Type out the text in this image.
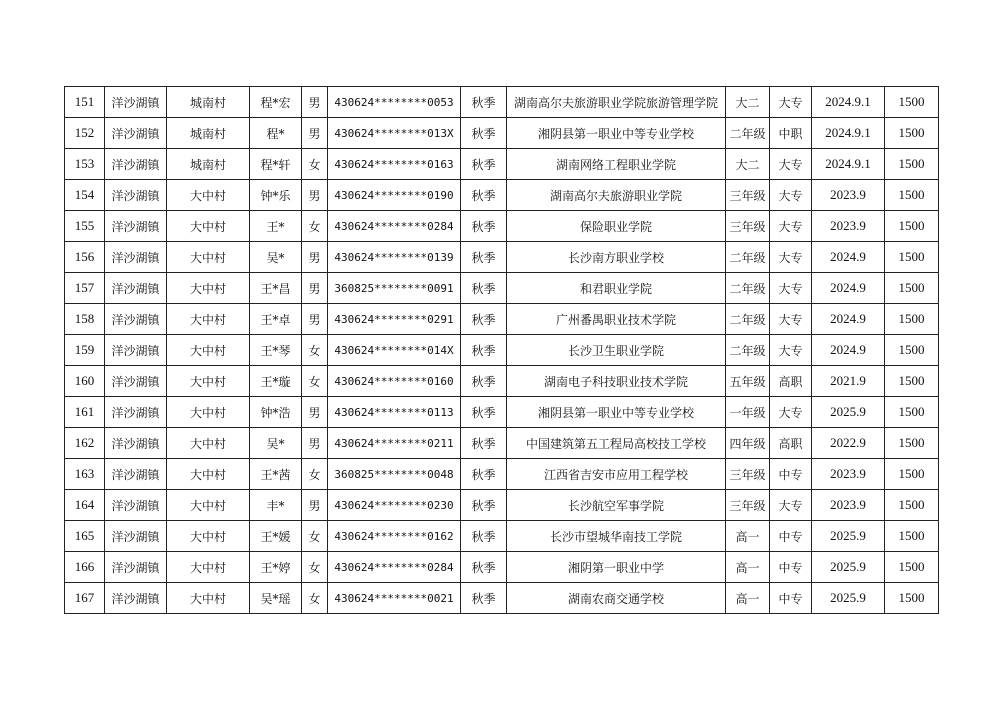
151	洋沙湖镇	城南村	程*宏	男	430624********0053	秋季	湖南高尔夫旅游职业学院旅游管理学院	大二	大专	2024.9.1	1500
152	洋沙湖镇	城南村	程*	男	430624********013X	秋季	湘阴县第一职业中等专业学校	二年级	中职	2024.9.1	1500
153	洋沙湖镇	城南村	程*轩	女	430624********0163	秋季	湖南网络工程职业学院	大二	大专	2024.9.1	1500
154	洋沙湖镇	大中村	钟*乐	男	430624********0190	秋季	湖南高尔夫旅游职业学院	三年级	大专	2023.9	1500
155	洋沙湖镇	大中村	王*	女	430624********0284	秋季	保险职业学院	三年级	大专	2023.9	1500
156	洋沙湖镇	大中村	吴*	男	430624********0139	秋季	长沙南方职业学校	二年级	大专	2024.9	1500
157	洋沙湖镇	大中村	王*昌	男	360825********0091	秋季	和君职业学院	二年级	大专	2024.9	1500
158	洋沙湖镇	大中村	王*卓	男	430624********0291	秋季	广州番禺职业技术学院	二年级	大专	2024.9	1500
159	洋沙湖镇	大中村	王*琴	女	430624********014X	秋季	长沙卫生职业学院	二年级	大专	2024.9	1500
160	洋沙湖镇	大中村	王*璇	女	430624********0160	秋季	湖南电子科技职业技术学院	五年级	高职	2021.9	1500
161	洋沙湖镇	大中村	钟*浩	男	430624********0113	秋季	湘阴县第一职业中等专业学校	一年级	大专	2025.9	1500
162	洋沙湖镇	大中村	吴*	男	430624********0211	秋季	中国建筑第五工程局高校技工学校	四年级	高职	2022.9	1500
163	洋沙湖镇	大中村	王*茜	女	360825********0048	秋季	江西省吉安市应用工程学校	三年级	中专	2023.9	1500
164	洋沙湖镇	大中村	丰*	男	430624********0230	秋季	长沙航空军事学院	三年级	大专	2023.9	1500
165	洋沙湖镇	大中村	王*媛	女	430624********0162	秋季	长沙市望城华南技工学院	高一	中专	2025.9	1500
166	洋沙湖镇	大中村	王*婷	女	430624********0284	秋季	湘阴第一职业中学	高一	中专	2025.9	1500
167	洋沙湖镇	大中村	吴*瑶	女	430624********0021	秋季	湖南农商交通学校	高一	中专	2025.9	1500
